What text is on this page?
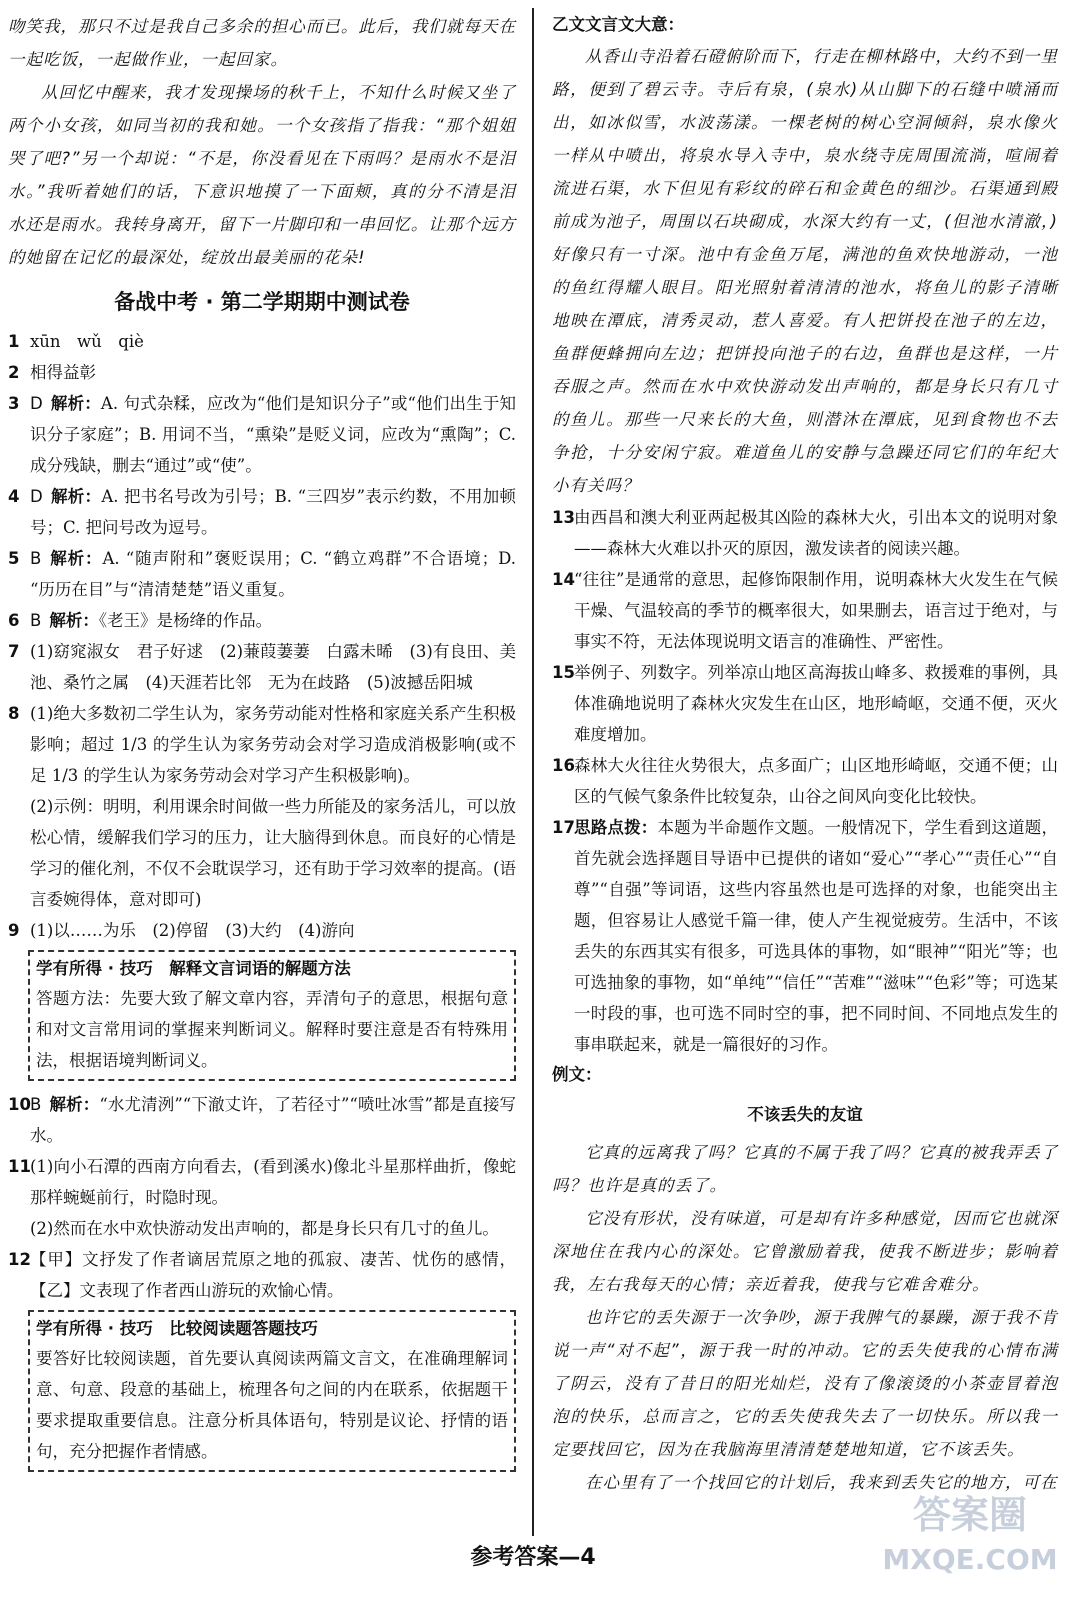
吻笑我，那只不过是我自己多余的担心而已。此后，我们就每天在一起吃饭，一起做作业，一起回家。

从回忆中醒来，我才发现操场的秋千上，不知什么时候又坐了两个小女孩，如同当初的我和她。一个女孩指了指我：“那个姐姐哭了吧?”另一个却说：“不是，你没看见在下雨吗？是雨水不是泪水。”我听着她们的话，下意识地摸了一下面颊，真的分不清是泪水还是雨水。我转身离开，留下一片脚印和一串回忆。让那个远方的她留在记忆的最深处，绽放出最美丽的花朵!

备战中考 · 第二学期期中测试卷

1 xūn　wǔ　qiè

2 相得益彰

3 D 解析：A. 句式杂糅，应改为“他们是知识分子”或“他们出生于知识分子家庭”；B. 用词不当，“熏染”是贬义词，应改为“熏陶”；C. 成分残缺，删去“通过”或“使”。

4 D 解析：A. 把书名号改为引号；B. “三四岁”表示约数，不用加顿号；C. 把问号改为逗号。

5 B 解析：A. “随声附和”褒贬误用；C. “鹤立鸡群”不合语境；D. “历历在目”与“清清楚楚”语义重复。

6 B 解析：《老王》是杨绛的作品。

7 (1)窈窕淑女　君子好逑　(2)蒹葭萋萋　白露未晞　(3)有良田、美池、桑竹之属　(4)天涯若比邻　无为在歧路　(5)波撼岳阳城

8 (1)绝大多数初二学生认为，家务劳动能对性格和家庭关系产生积极影响；超过 1/3 的学生认为家务劳动会对学习造成消极影响(或不足 1/3 的学生认为家务劳动会对学习产生积极影响)。

(2)示例：明明，利用课余时间做一些力所能及的家务活儿，可以放松心情，缓解我们学习的压力，让大脑得到休息。而良好的心情是学习的催化剂，不仅不会耽误学习，还有助于学习效率的提高。(语言委婉得体，意对即可)

9 (1)以……为乐　(2)停留　(3)大约　(4)游向

学有所得 · 技巧　解释文言词语的解题方法

答题方法：先要大致了解文章内容，弄清句子的意思，根据句意和对文言常用词的掌握来判断词义。解释时要注意是否有特殊用法，根据语境判断词义。

10 B 解析：“水尤清洌”“下澈丈许，了若径寸”“喷吐冰雪”都是直接写水。

11 (1)向小石潭的西南方向看去，(看到溪水)像北斗星那样曲折，像蛇那样蜿蜒前行，时隐时现。

(2)然而在水中欢快游动发出声响的，都是身长只有几寸的鱼儿。

12 【甲】文抒发了作者谪居荒原之地的孤寂、凄苦、忧伤的感情，【乙】文表现了作者西山游玩的欢愉心情。

学有所得 · 技巧　比较阅读题答题技巧

要答好比较阅读题，首先要认真阅读两篇文言文，在准确理解词意、句意、段意的基础上，梳理各句之间的内在联系，依据题干要求提取重要信息。注意分析具体语句，特别是议论、抒情的语句，充分把握作者情感。

乙文文言文大意：

从香山寺沿着石磴俯阶而下，行走在柳林路中，大约不到一里路，便到了碧云寺。寺后有泉，(泉水)从山脚下的石缝中喷涌而出，如冰似雪，水波荡漾。一棵老树的树心空洞倾斜，泉水像火一样从中喷出，将泉水导入寺中，泉水绕寺庑周围流淌，喧闹着流进石渠，水下但见有彩纹的碎石和金黄色的细沙。石渠通到殿前成为池子，周围以石块砌成，水深大约有一丈，(但池水清澈，)好像只有一寸深。池中有金鱼万尾，满池的鱼欢快地游动，一池的鱼红得耀人眼目。阳光照射着清清的池水，将鱼儿的影子清晰地映在潭底，清秀灵动，惹人喜爱。有人把饼投在池子的左边，鱼群便蜂拥向左边；把饼投向池子的右边，鱼群也是这样，一片吞服之声。然而在水中欢快游动发出声响的，都是身长只有几寸的鱼儿。那些一尺来长的大鱼，则潜沐在潭底，见到食物也不去争抢，十分安闲宁寂。难道鱼儿的安静与急躁还同它们的年纪大小有关吗？

13 由西昌和澳大利亚两起极其凶险的森林大火，引出本文的说明对象——森林大火难以扑灭的原因，激发读者的阅读兴趣。

14 “往往”是通常的意思，起修饰限制作用，说明森林大火发生在气候干燥、气温较高的季节的概率很大，如果删去，语言过于绝对，与事实不符，无法体现说明文语言的准确性、严密性。

15 举例子、列数字。列举凉山地区高海拔山峰多、救援难的事例，具体准确地说明了森林火灾发生在山区，地形崎岖，交通不便，灭火难度增加。

16 森林大火往往火势很大，点多面广；山区地形崎岖，交通不便；山区的气候气象条件比较复杂，山谷之间风向变化比较快。

17 思路点拨：本题为半命题作文题。一般情况下，学生看到这道题，首先就会选择题目导语中已提供的诸如“爱心”“孝心”“责任心”“自尊”“自强”等词语，这些内容虽然也是可选择的对象，也能突出主题，但容易让人感觉千篇一律，使人产生视觉疲劳。生活中，不该丢失的东西其实有很多，可选具体的事物，如“眼神”“阳光”等；也可选抽象的事物，如“单纯”“信任”“苦难”“滋味”“色彩”等；可选某一时段的事，也可选不同时空的事，把不同时间、不同地点发生的事串联起来，就是一篇很好的习作。

例文：

不该丢失的友谊

它真的远离我了吗？它真的不属于我了吗？它真的被我弄丢了吗？也许是真的丢了。

它没有形状，没有味道，可是却有许多种感觉，因而它也就深深地住在我内心的深处。它曾激励着我，使我不断进步；影响着我，左右我每天的心情；亲近着我，使我与它难舍难分。

也许它的丢失源于一次争吵，源于我脾气的暴躁，源于我不肯说一声“对不起”，源于我一时的冲动。它的丢失使我的心情布满了阴云，没有了昔日的阳光灿烂，没有了像滚烫的小茶壶冒着泡泡的快乐，总而言之，它的丢失使我失去了一切快乐。所以我一定要找回它，因为在我脑海里清清楚楚地知道，它不该丢失。

在心里有了一个找回它的计划后，我来到丢失它的地方，可在

答案圈
MXQE.COM
参考答案—4
